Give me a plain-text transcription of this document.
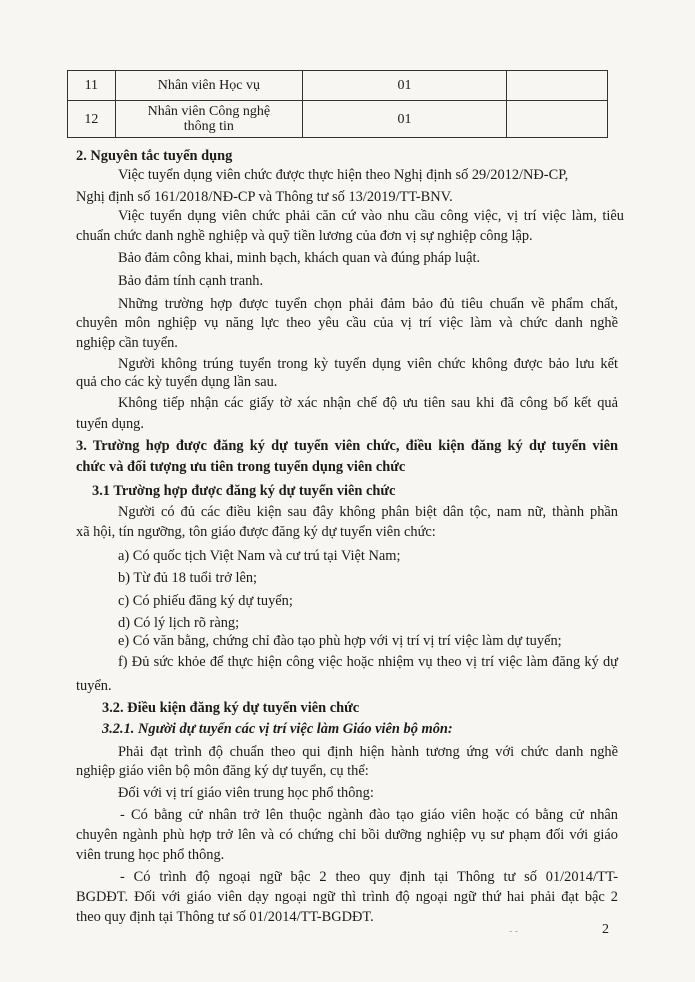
11	Nhân viên Học vụ	01	
12	Nhân viên Công nghệ
thông tin	01	
2. Nguyên tắc tuyển dụng
Việc tuyển dụng viên chức được thực hiện theo Nghị định số 29/2012/NĐ-CP,
Nghị định số 161/2018/NĐ-CP và Thông tư số 13/2019/TT-BNV.
Việc tuyển dụng viên chức phải căn cứ vào nhu cầu công việc, vị trí việc làm, tiêu
chuẩn chức danh nghề nghiệp và quỹ tiền lương của đơn vị sự nghiệp công lập.
Bảo đảm công khai, minh bạch, khách quan và đúng pháp luật.
Bảo đảm tính cạnh tranh.
Những trường hợp được tuyển chọn phải đảm bảo đủ tiêu chuẩn về phẩm chất,
chuyên môn nghiệp vụ năng lực theo yêu cầu của vị trí việc làm và chức danh nghề
nghiệp cần tuyển.
Người không trúng tuyển trong kỳ tuyển dụng viên chức không được bảo lưu kết
quả cho các kỳ tuyển dụng lần sau.
Không tiếp nhận các giấy tờ xác nhận chế độ ưu tiên sau khi đã công bố kết quả
tuyển dụng.
3. Trường hợp được đăng ký dự tuyển viên chức, điều kiện đăng ký dự tuyển viên
chức và đối tượng ưu tiên trong tuyển dụng viên chức
3.1 Trường hợp được đăng ký dự tuyển viên chức
Người có đủ các điều kiện sau đây không phân biệt dân tộc, nam nữ, thành phần
xã hội, tín ngưỡng, tôn giáo được đăng ký dự tuyển viên chức:
a) Có quốc tịch Việt Nam và cư trú tại Việt Nam;
b) Từ đủ 18 tuổi trở lên;
c) Có phiếu đăng ký dự tuyển;
d) Có lý lịch rõ ràng;
e) Có văn bằng, chứng chỉ đào tạo phù hợp với vị trí vị trí việc làm dự tuyển;
f) Đủ sức khỏe để thực hiện công việc hoặc nhiệm vụ theo vị trí việc làm đăng ký dự
tuyển.
3.2. Điều kiện đăng ký dự tuyển viên chức
3.2.1. Người dự tuyển các vị trí việc làm Giáo viên bộ môn:
Phải đạt trình độ chuẩn theo qui định hiện hành tương ứng với chức danh nghề
nghiệp giáo viên bộ môn đăng ký dự tuyển, cụ thể:
Đối với vị trí giáo viên trung học phổ thông:
- Có bằng cử nhân trở lên thuộc ngành đào tạo giáo viên hoặc có bằng cử nhân
chuyên ngành phù hợp trở lên và có chứng chỉ bồi dưỡng nghiệp vụ sư phạm đối với giáo
viên trung học phổ thông.
- Có trình độ ngoại ngữ bậc 2 theo quy định tại Thông tư số 01/2014/TT-
BGDĐT. Đối với giáo viên dạy ngoại ngữ thì trình độ ngoại ngữ thứ hai phải đạt bậc 2
theo quy định tại Thông tư số 01/2014/TT-BGDĐT.
- -	2
